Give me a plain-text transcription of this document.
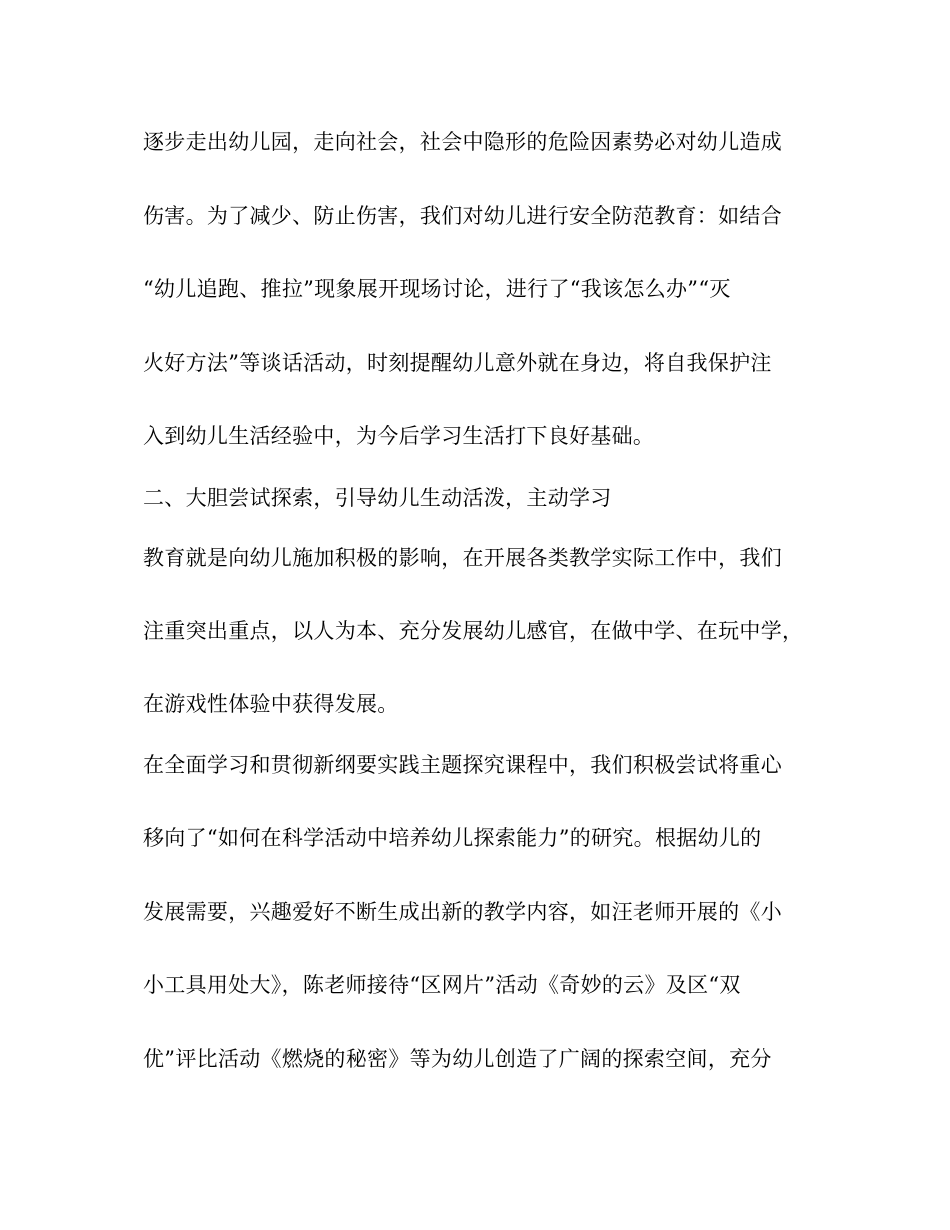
逐步走出幼儿园，走向社会，社会中隐形的危险因素势必对幼儿造成
伤害。为了减少、防止伤害，我们对幼儿进行安全防范教育：如结合
“幼儿追跑、推拉”现象展开现场讨论，进行了“我该怎么办”“灭
火好方法”等谈话活动，时刻提醒幼儿意外就在身边，将自我保护注
入到幼儿生活经验中，为今后学习生活打下良好基础。
二、大胆尝试探索，引导幼儿生动活泼，主动学习
教育就是向幼儿施加积极的影响，在开展各类教学实际工作中，我们
注重突出重点，以人为本、充分发展幼儿感官，在做中学、在玩中学，
在游戏性体验中获得发展。
在全面学习和贯彻新纲要实践主题探究课程中，我们积极尝试将重心
移向了“如何在科学活动中培养幼儿探索能力”的研究。根据幼儿的
发展需要，兴趣爱好不断生成出新的教学内容，如汪老师开展的《小
小工具用处大》，陈老师接待“区网片”活动《奇妙的云》及区“双
优”评比活动《燃烧的秘密》等为幼儿创造了广阔的探索空间，充分
